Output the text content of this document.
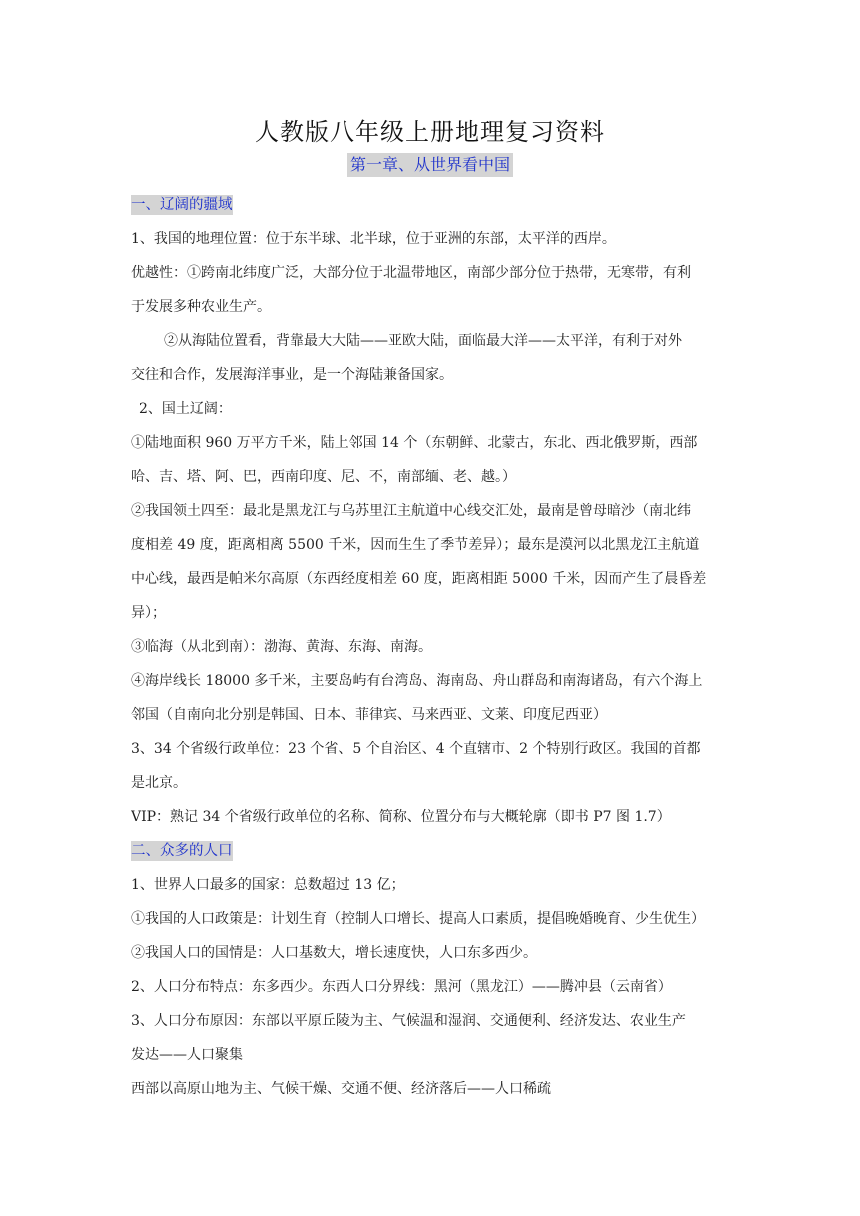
人教版八年级上册地理复习资料
第一章、从世界看中国
一、辽阔的疆域
1、我国的地理位置：位于东半球、北半球，位于亚洲的东部，太平洋的西岸。
优越性：①跨南北纬度广泛，大部分位于北温带地区，南部少部分位于热带，无寒带，有利
于发展多种农业生产。
②从海陆位置看，背靠最大大陆——亚欧大陆，面临最大洋——太平洋，有利于对外
交往和合作，发展海洋事业，是一个海陆兼备国家。
2、国土辽阔：
①陆地面积 960 万平方千米，陆上邻国 14 个（东朝鲜、北蒙古，东北、西北俄罗斯，西部
哈、吉、塔、阿、巴，西南印度、尼、不，南部缅、老、越。）
②我国领土四至：最北是黑龙江与乌苏里江主航道中心线交汇处，最南是曾母暗沙（南北纬
度相差 49 度，距离相离 5500 千米，因而生生了季节差异）；最东是漠河以北黑龙江主航道
中心线，最西是帕米尔高原（东西经度相差 60 度，距离相距 5000 千米，因而产生了晨昏差
异）；
③临海（从北到南）：渤海、黄海、东海、南海。
④海岸线长 18000 多千米，主要岛屿有台湾岛、海南岛、舟山群岛和南海诸岛，有六个海上
邻国（自南向北分别是韩国、日本、菲律宾、马来西亚、文莱、印度尼西亚）
3、34 个省级行政单位：23 个省、5 个自治区、4 个直辖市、2 个特别行政区。我国的首都
是北京。
VIP：熟记 34 个省级行政单位的名称、简称、位置分布与大概轮廓（即书 P7 图 1.7）
二、众多的人口
1、世界人口最多的国家：总数超过 13 亿；
①我国的人口政策是：计划生育（控制人口增长、提高人口素质，提倡晚婚晚育、少生优生）
②我国人口的国情是：人口基数大，增长速度快，人口东多西少。
2、人口分布特点：东多西少。东西人口分界线：黑河（黑龙江）——腾冲县（云南省）
3、人口分布原因：东部以平原丘陵为主、气候温和湿润、交通便利、经济发达、农业生产
发达——人口聚集
西部以高原山地为主、气候干燥、交通不便、经济落后——人口稀疏
